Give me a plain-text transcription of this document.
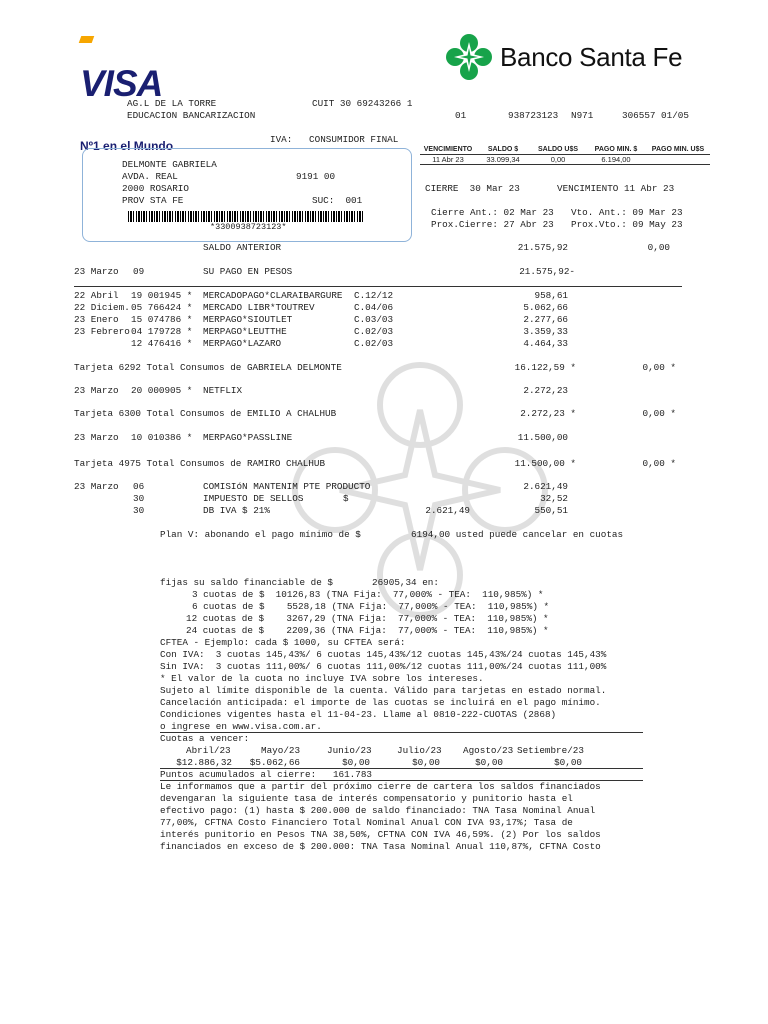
VISA

Nº1 en el Mundo

Banco Santa Fe
AG.L DE LA TORRE	CUIT 30 69243266 1
EDUCACION BANCARIZACION	01	938723123 N971	306557 01/05
IVA:   CONSUMIDOR FINAL
VENCIMIENTO	SALDO $	SALDO U$S	PAGO MIN. $	PAGO MIN. U$S
11 Abr 23	33.099,34	0,00	6.194,00	
DELMONTE GABRIELA
AVDA. REAL	9191 00
2000 ROSARIO
PROV STA FE	SUC:  001
*3300938723123*
CIERRE  30 Mar 23	VENCIMIENTO 11 Abr 23
Cierre Ant.: 02 Mar 23 Vto. Ant.: 09 Mar 23
Prox.Cierre: 27 Abr 23 Prox.Vto.: 09 May 23
SALDO ANTERIOR	21.575,92	0,00
23 Marzo 09	SU PAGO EN PESOS	21.575,92-
22 Abril 19 001945 * MERCADOPAGO*CLARAIBARGURE C.12/12	958,61
22 Diciem. 05 766424 * MERCADO LIBR*TOUTREV	C.04/06	5.062,66
23 Enero 15 074786 * MERPAGO*SIOUTLET	C.03/03	2.277,66
23 Febrero 04 179728 * MERPAGO*LEUTTHE	C.02/03	3.359,33
12 476416 * MERPAGO*LAZARO	C.02/03	4.464,33
Tarjeta 6292 Total Consumos de GABRIELA DELMONTE	16.122,59 *	0,00 *
23 Marzo 20 000905 * NETFLIX	2.272,23
Tarjeta 6300 Total Consumos de EMILIO A CHALHUB	2.272,23 *	0,00 *
23 Marzo 10 010386 * MERPAGO*PASSLINE	11.500,00
Tarjeta 4975 Total Consumos de RAMIRO CHALHUB	11.500,00 *	0,00 *
23 Marzo 06	COMISIóN MANTENIM PTE PRODUCTO	2.621,49
30	IMPUESTO DE SELLOS	$	32,52
30	DB IVA $ 21%	2.621,49	550,51
Plan V: abonando el pago mínimo de $         6194,00 usted puede cancelar en cuotas
fijas su saldo financiable de $       26905,34 en:
3 cuotas de $  10126,83 (TNA Fija:  77,000% - TEA:  110,985%) *
6 cuotas de $    5528,18 (TNA Fija:  77,000% - TEA:  110,985%) *
12 cuotas de $    3267,29 (TNA Fija:  77,000% - TEA:  110,985%) *
24 cuotas de $    2209,36 (TNA Fija:  77,000% - TEA:  110,985%) *
CFTEA - Ejemplo: cada $ 1000, su CFTEA será:
Con IVA:  3 cuotas 145,43%/ 6 cuotas 145,43%/12 cuotas 145,43%/24 cuotas 145,43%
Sin IVA:  3 cuotas 111,00%/ 6 cuotas 111,00%/12 cuotas 111,00%/24 cuotas 111,00%
* El valor de la cuota no incluye IVA sobre los intereses.
Sujeto al límite disponible de la cuenta. Válido para tarjetas en estado normal.
Cancelación anticipada: el importe de las cuotas se incluirá en el pago mínimo.
Condiciones vigentes hasta el 11-04-23. Llame al 0810-222-CUOTAS (2868)
o ingrese en www.visa.com.ar.
Cuotas a vencer:
Abril/23	Mayo/23	Junio/23	Julio/23 Agosto/23 Setiembre/23
$12.886,32	$5.062,66	$0,00	$0,00	$0,00	$0,00
Puntos acumulados al cierre:   161.783
Le informamos que a partir del próximo cierre de cartera los saldos financiados
devengaran la siguiente tasa de interés compensatorio y punitorio hasta el
efectivo pago: (1) hasta $ 200.000 de saldo financiado: TNA Tasa Nominal Anual
77,00%, CFTNA Costo Financiero Total Nominal Anual CON IVA 93,17%; Tasa de
interés punitorio en Pesos TNA 38,50%, CFTNA CON IVA 46,59%. (2) Por los saldos
financiados en exceso de $ 200.000: TNA Tasa Nominal Anual 110,87%, CFTNA Costo
